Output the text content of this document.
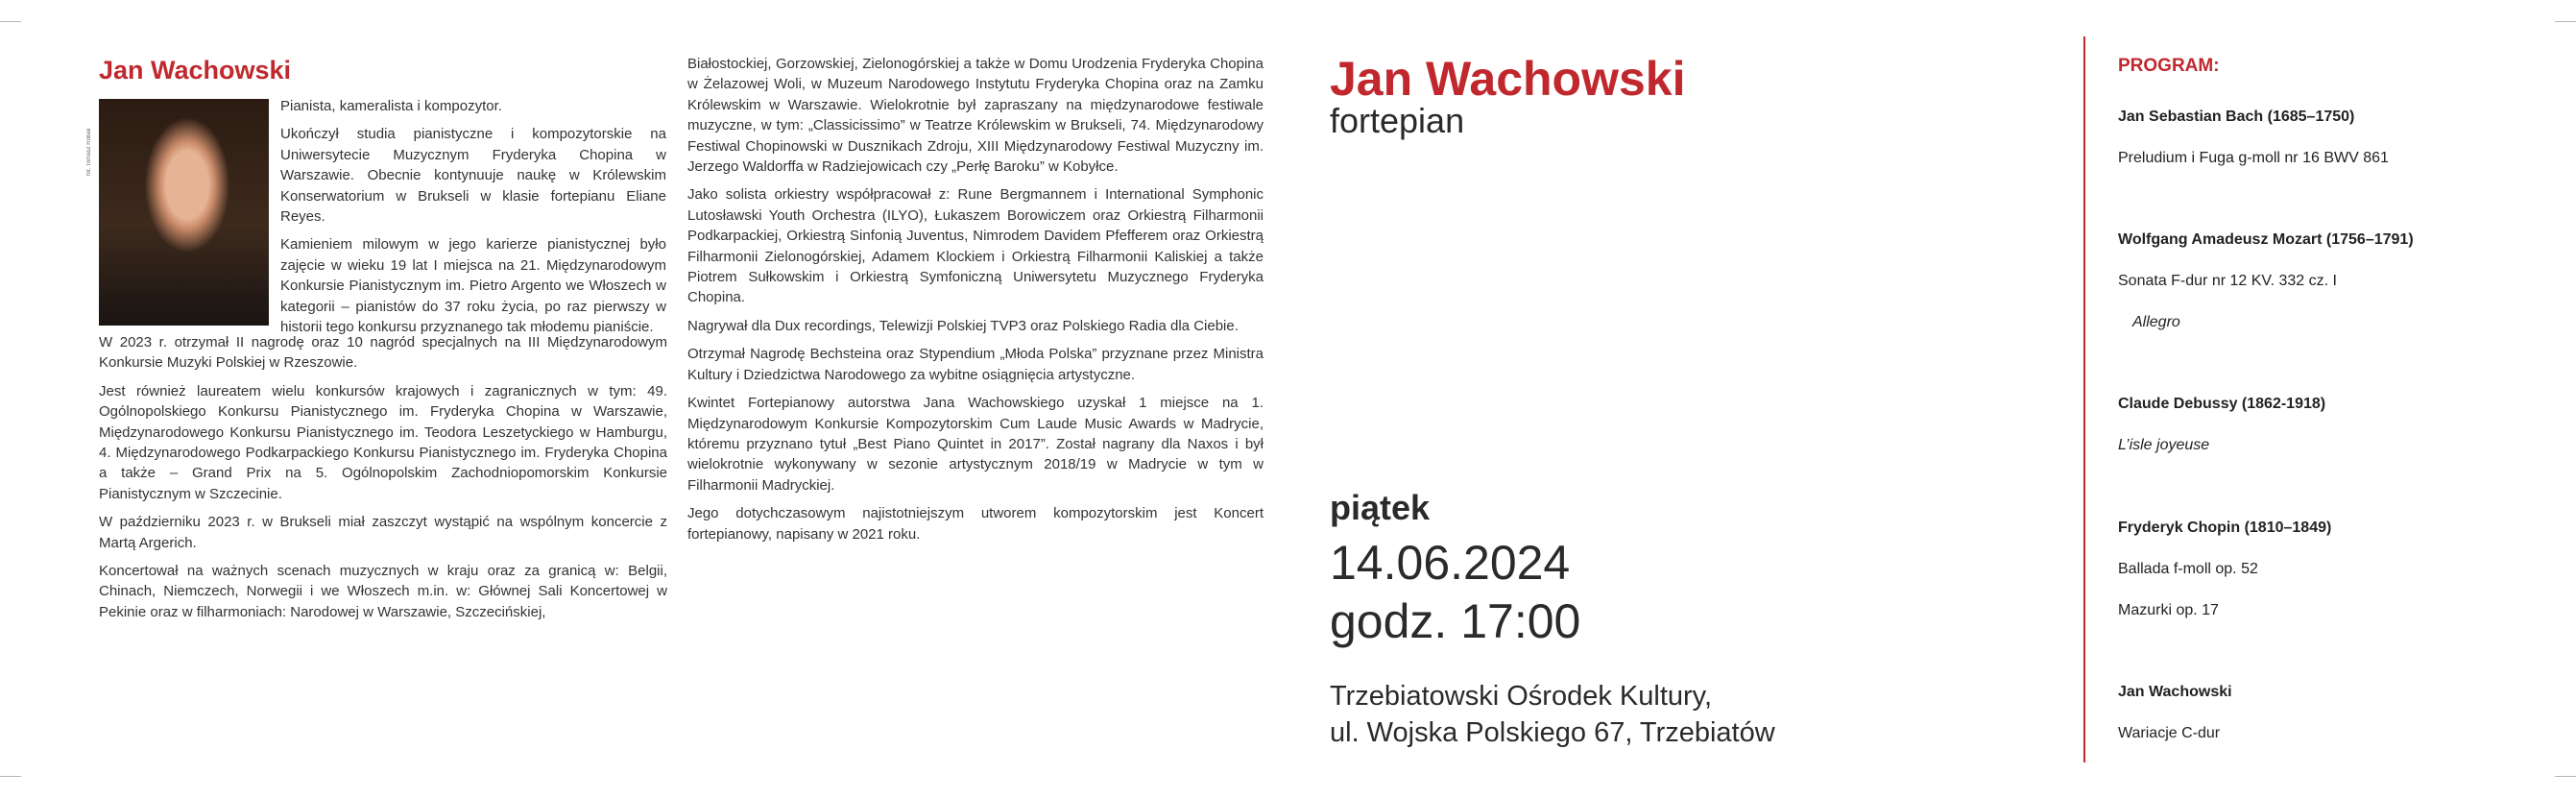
Jan Wachowski
fot. Tomasz Robak

Pianista, kameralista i kompozytor.

Ukończył studia pianistyczne i kompozytorskie na Uniwersytecie Muzycznym Fryderyka Chopina w Warszawie. Obecnie kontynuuje naukę w Królewskim Konserwatorium w Brukseli w klasie fortepianu Eliane Reyes.

Kamieniem milowym w jego karierze pianistycznej było zajęcie w wieku 19 lat I miejsca na 21. Międzynarodowym Konkursie Pianistycznym im. Pietro Argento we Włoszech w kategorii – pianistów do 37 roku życia, po raz pierwszy w historii tego konkursu przyznanego tak młodemu pianiście.

W 2023 r. otrzymał II nagrodę oraz 10 nagród specjalnych na III Międzynarodowym Konkursie Muzyki Polskiej w Rzeszowie.

Jest również laureatem wielu konkursów krajowych i zagranicznych w tym: 49. Ogólnopolskiego Konkursu Pianistycznego im. Fryderyka Chopina w Warszawie, Międzynarodowego Konkursu Pianistycznego im. Teodora Leszetyckiego w Hamburgu, 4. Międzynarodowego Podkarpackiego Konkursu Pianistycznego im. Fryderyka Chopina a także – Grand Prix na 5. Ogólnopolskim Zachodniopomorskim Konkursie Pianistycznym w Szczecinie.

W październiku 2023 r. w Brukseli miał zaszczyt wystąpić na wspólnym koncercie z Martą Argerich.

Koncertował na ważnych scenach muzycznych w kraju oraz za granicą w: Belgii, Chinach, Niemczech, Norwegii i we Włoszech m.in. w: Głównej Sali Koncertowej w Pekinie oraz w filharmoniach: Narodowej w Warszawie, Szczecińskiej,

Białostockiej, Gorzowskiej, Zielonogórskiej a także w Domu Urodzenia Fryderyka Chopina w Żelazowej Woli, w Muzeum Narodowego Instytutu Fryderyka Chopina oraz na Zamku Królewskim w Warszawie. Wielokrotnie był zapraszany na międzynarodowe festiwale muzyczne, w tym: „Classicissimo” w Teatrze Królewskim w Brukseli, 74. Międzynarodowy Festiwal Chopinowski w Dusznikach Zdroju, XIII Międzynarodowy Festiwal Muzyczny im. Jerzego Waldorffa w Radziejowicach czy „Perłę Baroku” w Kobyłce.

Jako solista orkiestry współpracował z: Rune Bergmannem i International Symphonic Lutosławski Youth Orchestra (ILYO), Łukaszem Borowiczem oraz Orkiestrą Filharmonii Podkarpackiej, Orkiestrą Sinfonią Juventus, Nimrodem Davidem Pfefferem oraz Orkiestrą Filharmonii Zielonogórskiej, Adamem Klockiem i Orkiestrą Filharmonii Kaliskiej a także Piotrem Sułkowskim i Orkiestrą Symfoniczną Uniwersytetu Muzycznego Fryderyka Chopina.

Nagrywał dla Dux recordings, Telewizji Polskiej TVP3 oraz Polskiego Radia dla Ciebie.

Otrzymał Nagrodę Bechsteina oraz Stypendium „Młoda Polska” przyznane przez Ministra Kultury i Dziedzictwa Narodowego za wybitne osiągnięcia artystyczne.

Kwintet Fortepianowy autorstwa Jana Wachowskiego uzyskał 1 miejsce na 1. Międzynarodowym Konkursie Kompozytorskim Cum Laude Music Awards w Madrycie, któremu przyznano tytuł „Best Piano Quintet in 2017”. Został nagrany dla Naxos i był wielokrotnie wykonywany w sezonie artystycznym 2018/19 w Madrycie w tym w Filharmonii Madryckiej.

Jego dotychczasowym najistotniejszym utworem kompozytorskim jest Koncert fortepianowy, napisany w 2021 roku.

Jan Wachowski
fortepian
piątek
14.06.2024
godz. 17:00
Trzebiatowski Ośrodek Kultury,
ul. Wojska Polskiego 67, Trzebiatów
PROGRAM:
Jan Sebastian Bach (1685–1750)
Preludium i Fuga g-moll nr 16 BWV 861
Wolfgang Amadeusz Mozart (1756–1791)
Sonata F-dur nr 12 KV. 332 cz. I
Allegro
Claude Debussy (1862-1918)
L’isle joyeuse
Fryderyk Chopin (1810–1849)
Ballada f-moll op. 52
Mazurki op. 17
Jan Wachowski
Wariacje C-dur
